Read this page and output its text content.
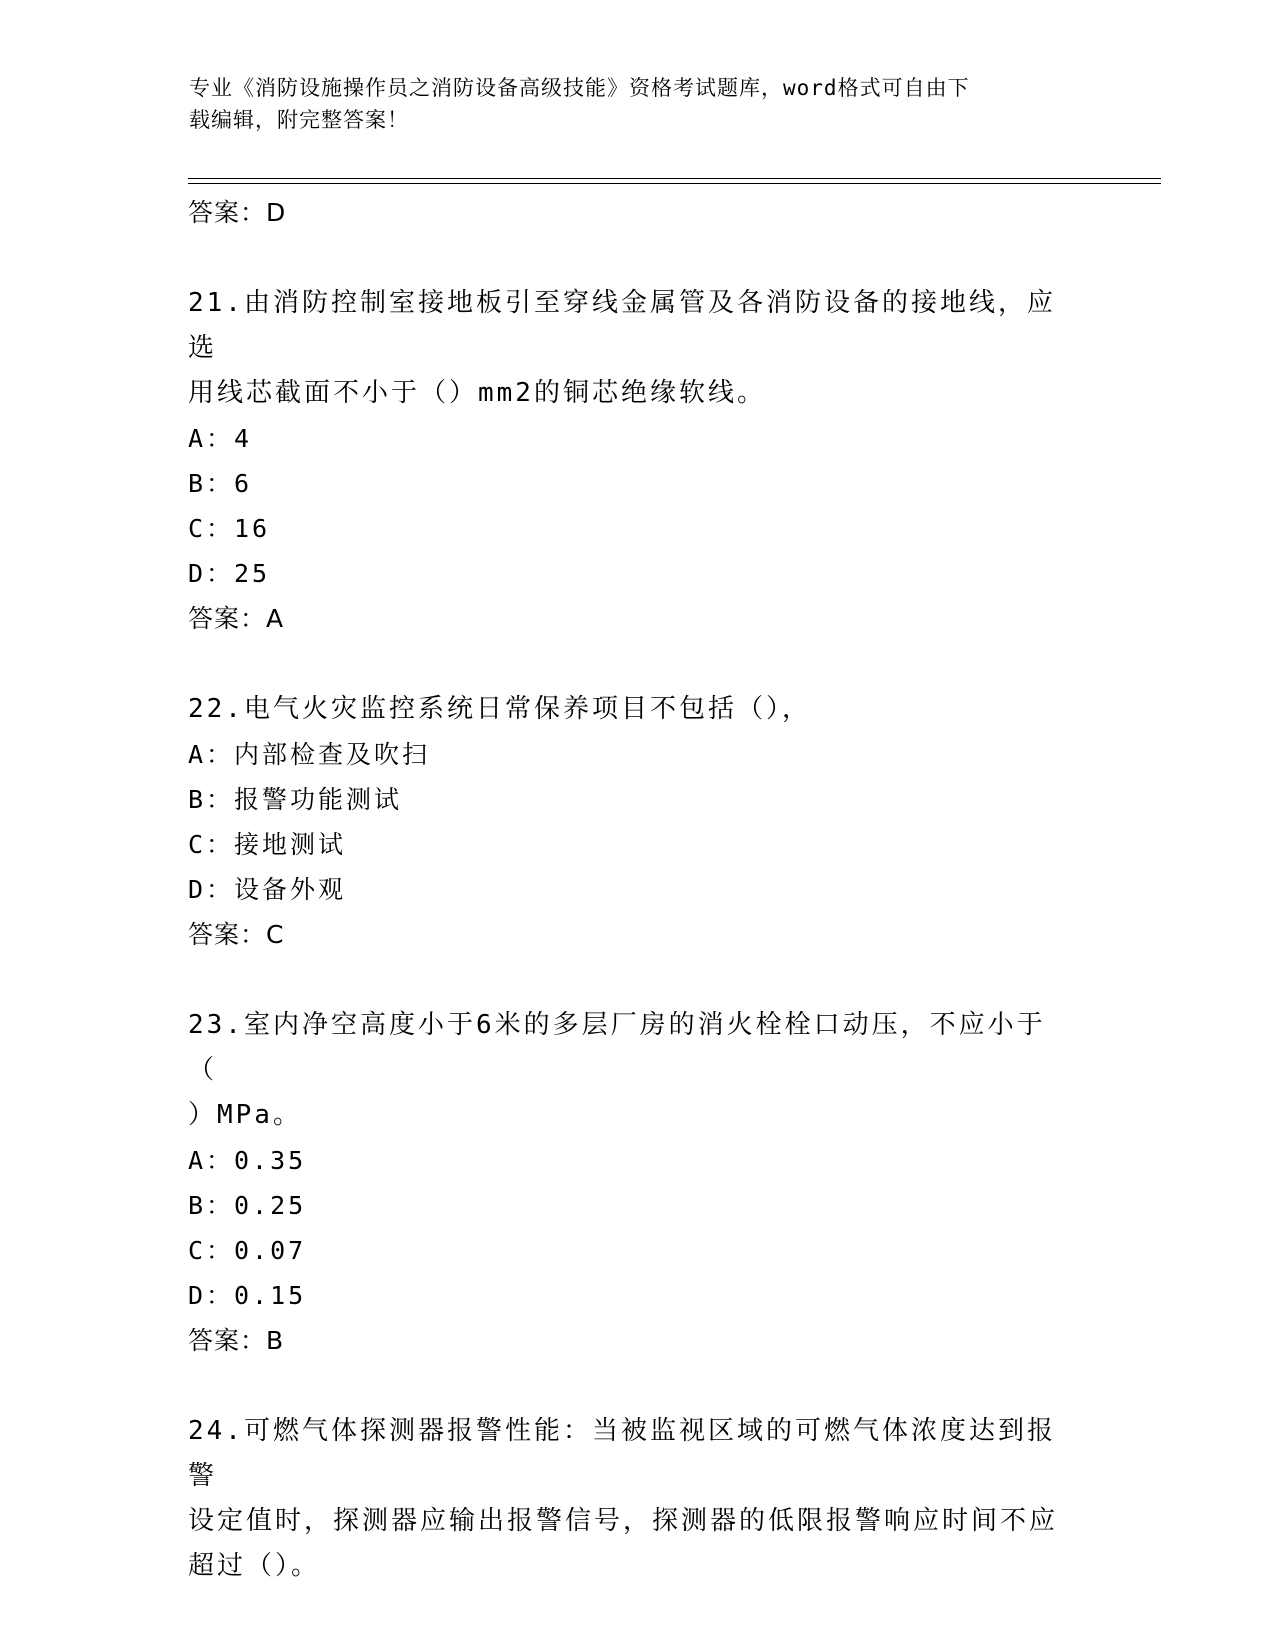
专业《消防设施操作员之消防设备高级技能》资格考试题库，word格式可自由下
载编辑，附完整答案！
答案：D

21.由消防控制室接地板引至穿线金属管及各消防设备的接地线，应选
用线芯截面不小于（）mm2的铜芯绝缘软线。

A：4
B：6
C：16
D：25
答案：A

22.电气火灾监控系统日常保养项目不包括（），

A：内部检查及吹扫
B：报警功能测试
C：接地测试
D：设备外观
答案：C

23.室内净空高度小于6米的多层厂房的消火栓栓口动压，不应小于（
）MPa。

A：0.35
B：0.25
C：0.07
D：0.15
答案：B

24.可燃气体探测器报警性能：当被监视区域的可燃气体浓度达到报警
设定值时，探测器应输出报警信号，探测器的低限报警响应时间不应
超过（）。
